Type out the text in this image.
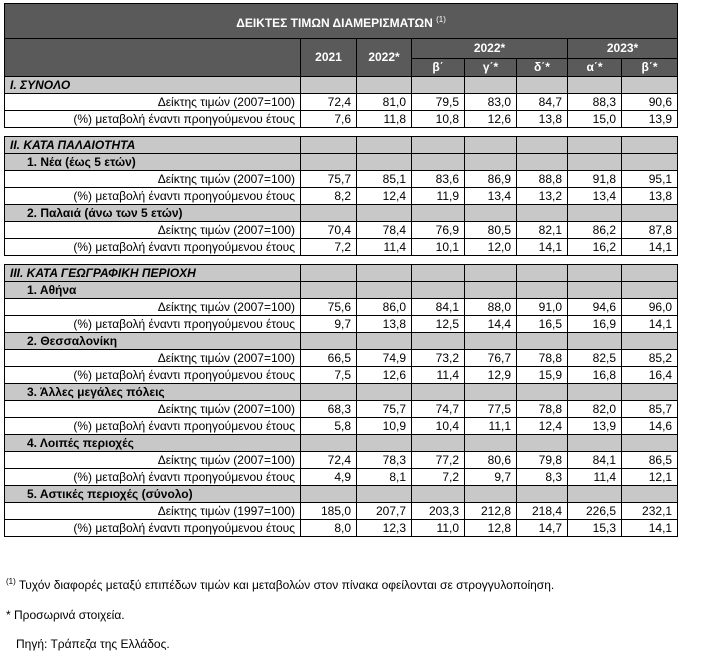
ΔΕΙΚΤΕΣ ΤΙΜΩΝ ΔΙΑΜΕΡΙΣΜΑΤΩΝ $^{(1)}$
	2021	2022*	2022*			2023*	
			β΄	γ΄*	δ΄*	α΄*	β΄*
I. ΣΥΝΟΛΟ							
Δείκτης τιμών (2007=100)	72,4	81,0	79,5	83,0	84,7	88,3	90,6
(%) μεταβολή έναντι προηγούμενου έτους	7,6	11,8	10,8	12,6	13,8	15,0	13,9

II. ΚΑΤΑ ΠΑΛΑΙΟΤΗΤΑ							
1. Νέα (έως 5 ετών)							
Δείκτης τιμών (2007=100)	75,7	85,1	83,6	86,9	88,8	91,8	95,1
(%) μεταβολή έναντι προηγούμενου έτους	8,2	12,4	11,9	13,4	13,2	13,4	13,8
2. Παλαιά (άνω των 5 ετών)							
Δείκτης τιμών (2007=100)	70,4	78,4	76,9	80,5	82,1	86,2	87,8
(%) μεταβολή έναντι προηγούμενου έτους	7,2	11,4	10,1	12,0	14,1	16,2	14,1

III. ΚΑΤΑ ΓΕΩΓΡΑΦΙΚΗ ΠΕΡΙΟΧΗ							
1. Αθήνα							
Δείκτης τιμών (2007=100)	75,6	86,0	84,1	88,0	91,0	94,6	96,0
(%) μεταβολή έναντι προηγούμενου έτους	9,7	13,8	12,5	14,4	16,5	16,9	14,1
2. Θεσσαλονίκη							
Δείκτης τιμών (2007=100)	66,5	74,9	73,2	76,7	78,8	82,5	85,2
(%) μεταβολή έναντι προηγούμενου έτους	7,5	12,6	11,4	12,9	15,9	16,8	16,4
3. Άλλες μεγάλες πόλεις							
Δείκτης τιμών (2007=100)	68,3	75,7	74,7	77,5	78,8	82,0	85,7
(%) μεταβολή έναντι προηγούμενου έτους	5,8	10,9	10,4	11,1	12,4	13,9	14,6
4. Λοιπές περιοχές							
Δείκτης τιμών (2007=100)	72,4	78,3	77,2	80,6	79,8	84,1	86,5
(%) μεταβολή έναντι προηγούμενου έτους	4,9	8,1	7,2	9,7	8,3	11,4	12,1
5. Αστικές περιοχές (σύνολο)							
Δείκτης τιμών (1997=100)	185,0	207,7	203,3	212,8	218,4	226,5	232,1
(%) μεταβολή έναντι προηγούμενου έτους	8,0	12,3	11,0	12,8	14,7	15,3	14,1
$^{(1)}$ Τυχόν διαφορές μεταξύ επιπέδων τιμών και μεταβολών στον πίνακα οφείλονται σε στρογγυλοποίηση.
* Προσωρινά στοιχεία.
Πηγή: Τράπεζα της Ελλάδος.
